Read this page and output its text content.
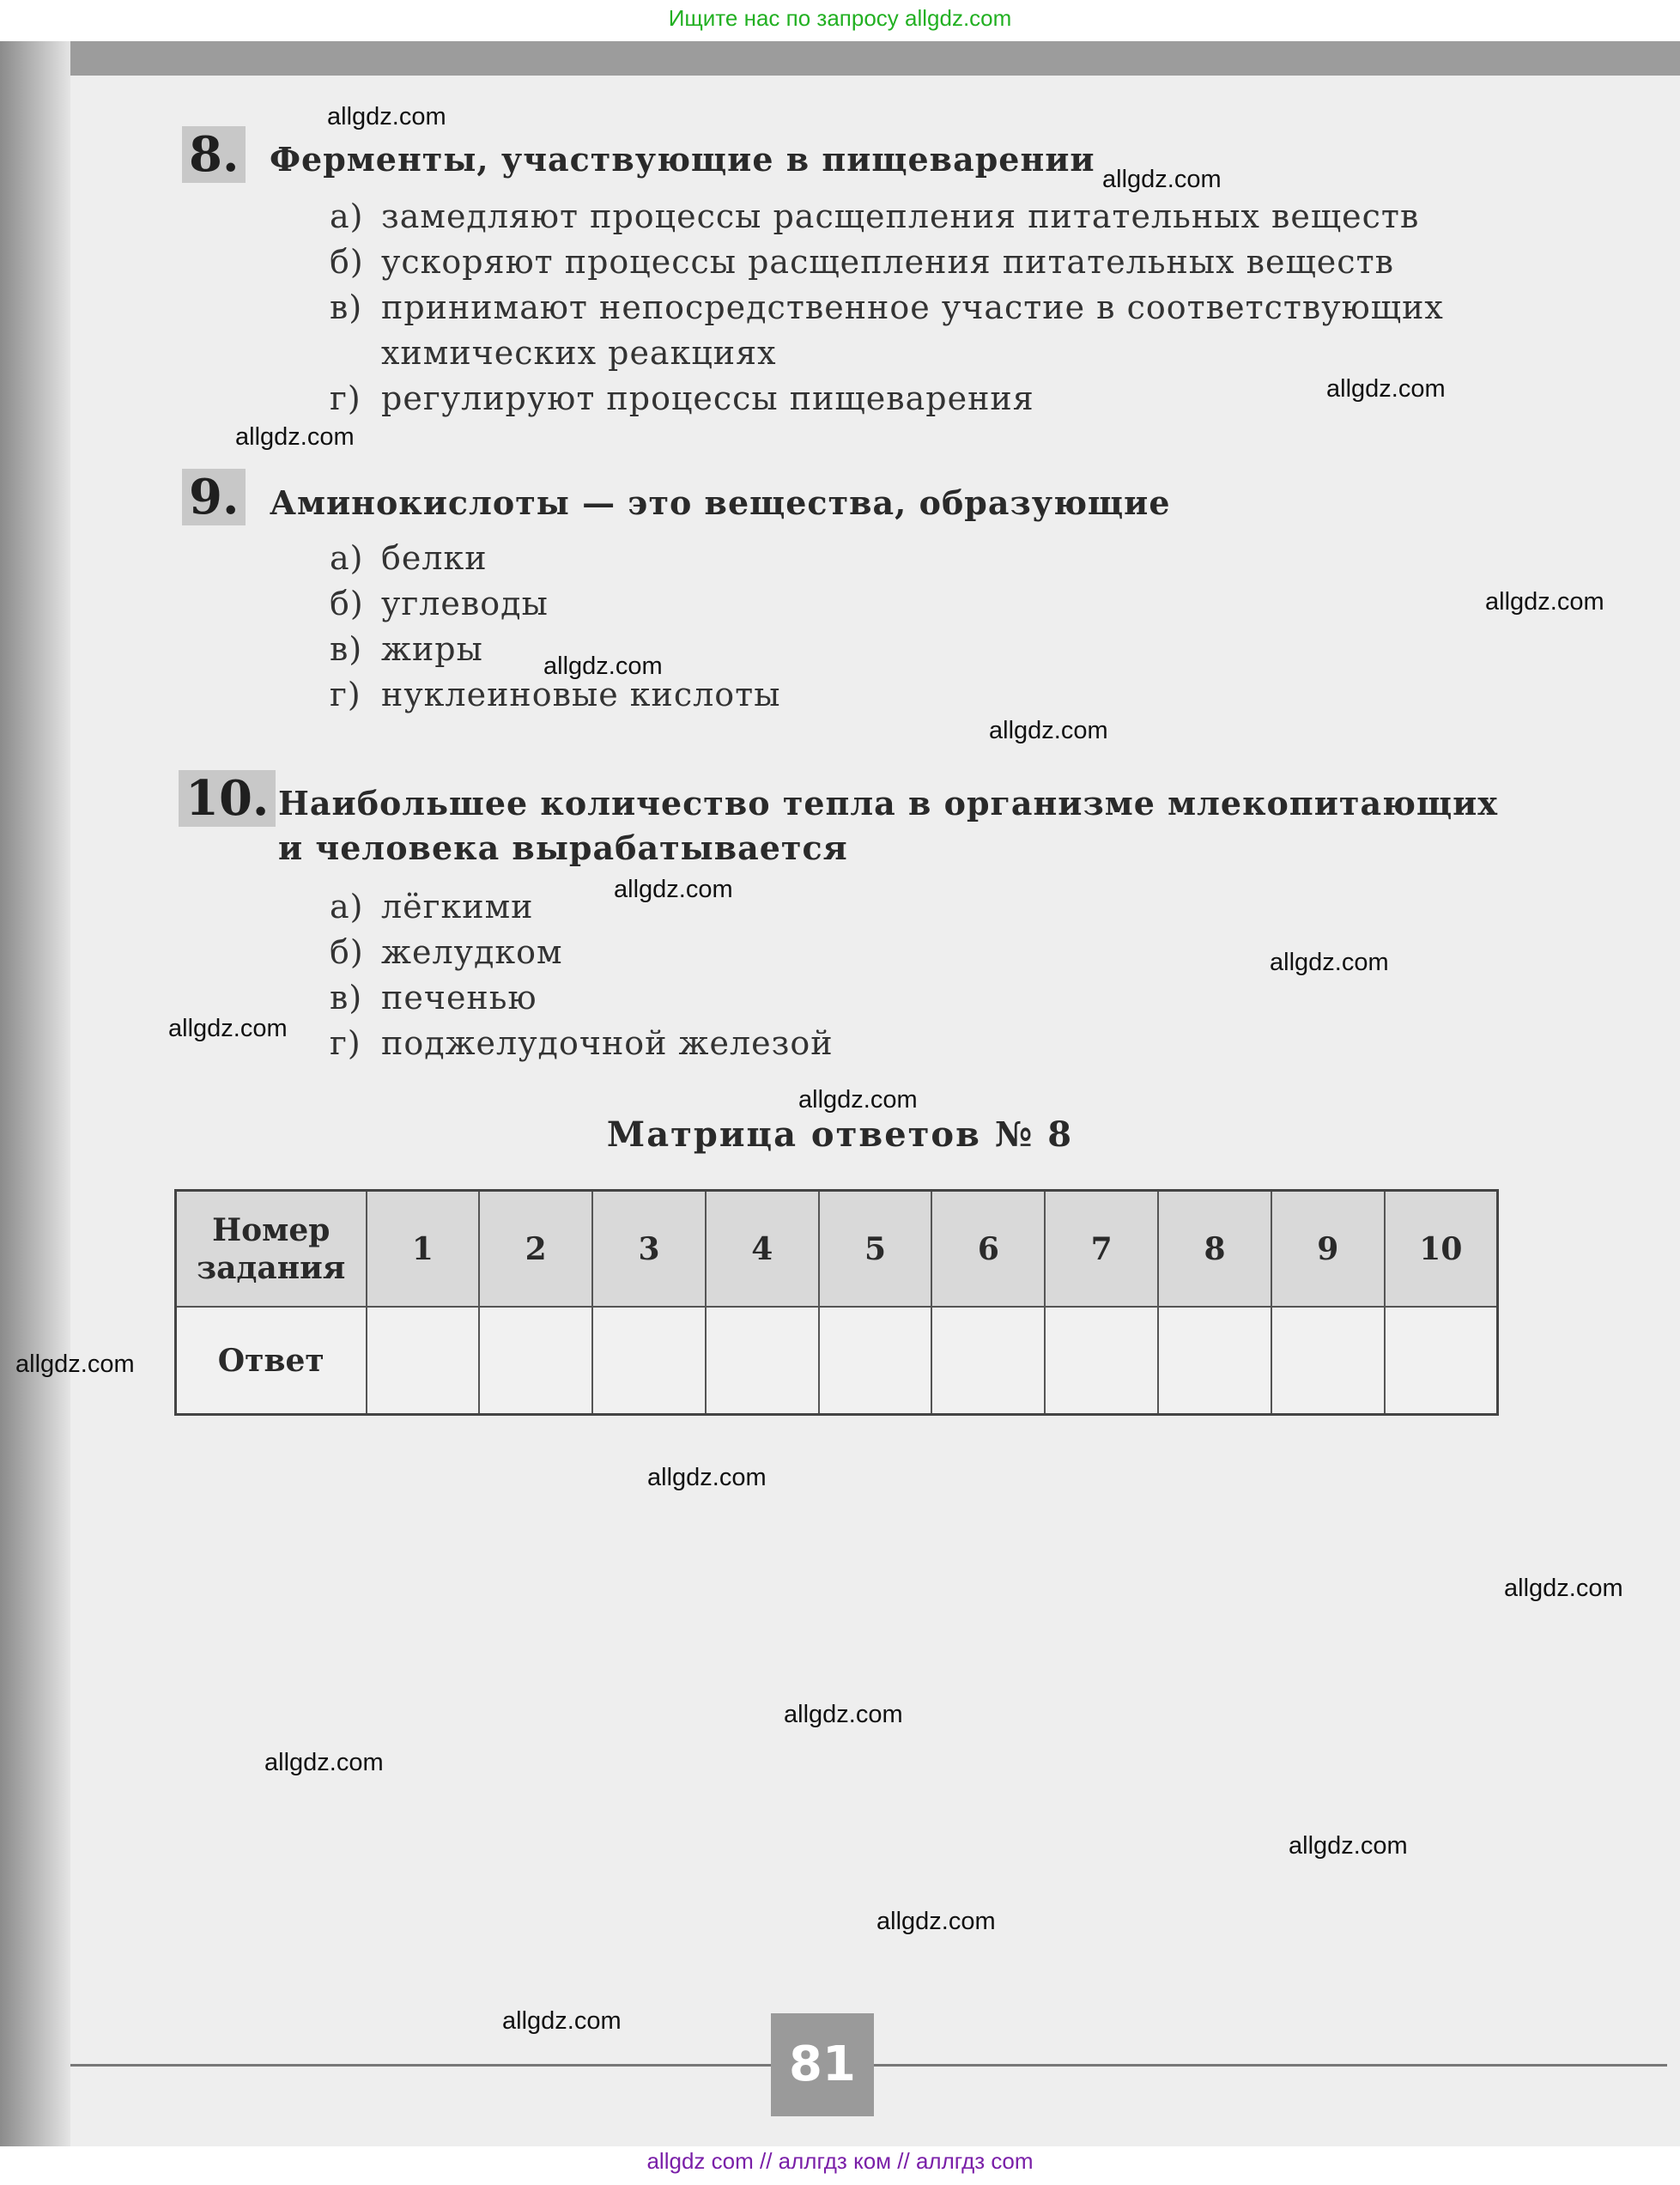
Ищите нас по запросу allgdz.com
8. Ферменты, участвующие в пищеварении
а) замедляют процессы расщепления питательных веществ
б) ускоряют процессы расщепления питательных веществ
в) принимают непосредственное участие в соответствующих химических реакциях
г) регулируют процессы пищеварения
9. Аминокислоты — это вещества, образующие
а) белки
б) углеводы
в) жиры
г) нуклеиновые кислоты
10. Наибольшее количество тепла в организме млекопитающих и человека вырабатывается
а) лёгкими
б) желудком
в) печенью
г) поджелудочной железой
Матрица ответов № 8
Номер задания	1	2	3	4	5	6	7	8	9	10
Ответ										
81
allgdz.com
allgdz.com
allgdz.com
allgdz.com
allgdz.com
allgdz.com
allgdz.com
allgdz.com
allgdz.com
allgdz.com
allgdz.com
allgdz.com
allgdz.com
allgdz.com
allgdz.com
allgdz.com
allgdz.com
allgdz.com
allgdz.com
allgdz com // аллгдз ком // аллгдз com
